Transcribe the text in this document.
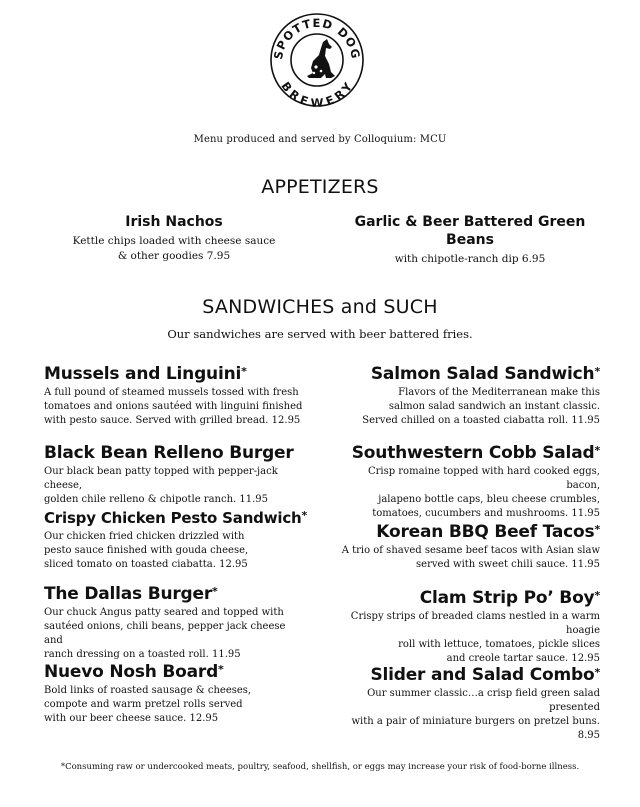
SPOTTED DOG
BREWERY
Menu produced and served by Colloquium: MCU
APPETIZERS
Irish Nachos
Kettle chips loaded with cheese sauce
& other goodies 7.95
Garlic & Beer Battered Green Beans
with chipotle-ranch dip 6.95
SANDWICHES and SUCH
Our sandwiches are served with beer battered fries.
Mussels and Linguini*
A full pound of steamed mussels tossed with fresh
tomatoes and onions sautéed with linguini finished
with pesto sauce. Served with grilled bread. 12.95
Black Bean Relleno Burger
Our black bean patty topped with pepper-jack cheese,
golden chile relleno & chipotle ranch. 11.95
Crispy Chicken Pesto Sandwich*
Our chicken fried chicken drizzled with
pesto sauce finished with gouda cheese,
sliced tomato on toasted ciabatta. 12.95
The Dallas Burger*
Our chuck Angus patty seared and topped with
sautéed onions, chili beans, pepper jack cheese and
ranch dressing on a toasted roll. 11.95
Nuevo Nosh Board*
Bold links of roasted sausage & cheeses,
compote and warm pretzel rolls served
with our beer cheese sauce. 12.95
Salmon Salad Sandwich*
Flavors of the Mediterranean make this
salmon salad sandwich an instant classic.
Served chilled on a toasted ciabatta roll. 11.95
Southwestern Cobb Salad*
Crisp romaine topped with hard cooked eggs, bacon,
jalapeno bottle caps, bleu cheese crumbles,
tomatoes, cucumbers and mushrooms. 11.95
Korean BBQ Beef Tacos*
A trio of shaved sesame beef tacos with Asian slaw
served with sweet chili sauce. 11.95
Clam Strip Po’ Boy*
Crispy strips of breaded clams nestled in a warm hoagie
roll with lettuce, tomatoes, pickle slices
and creole tartar sauce. 12.95
Slider and Salad Combo*
Our summer classic…a crisp field green salad presented
with a pair of miniature burgers on pretzel buns. 8.95
*Consuming raw or undercooked meats, poultry, seafood, shellfish, or eggs may increase your risk of food-borne illness.
